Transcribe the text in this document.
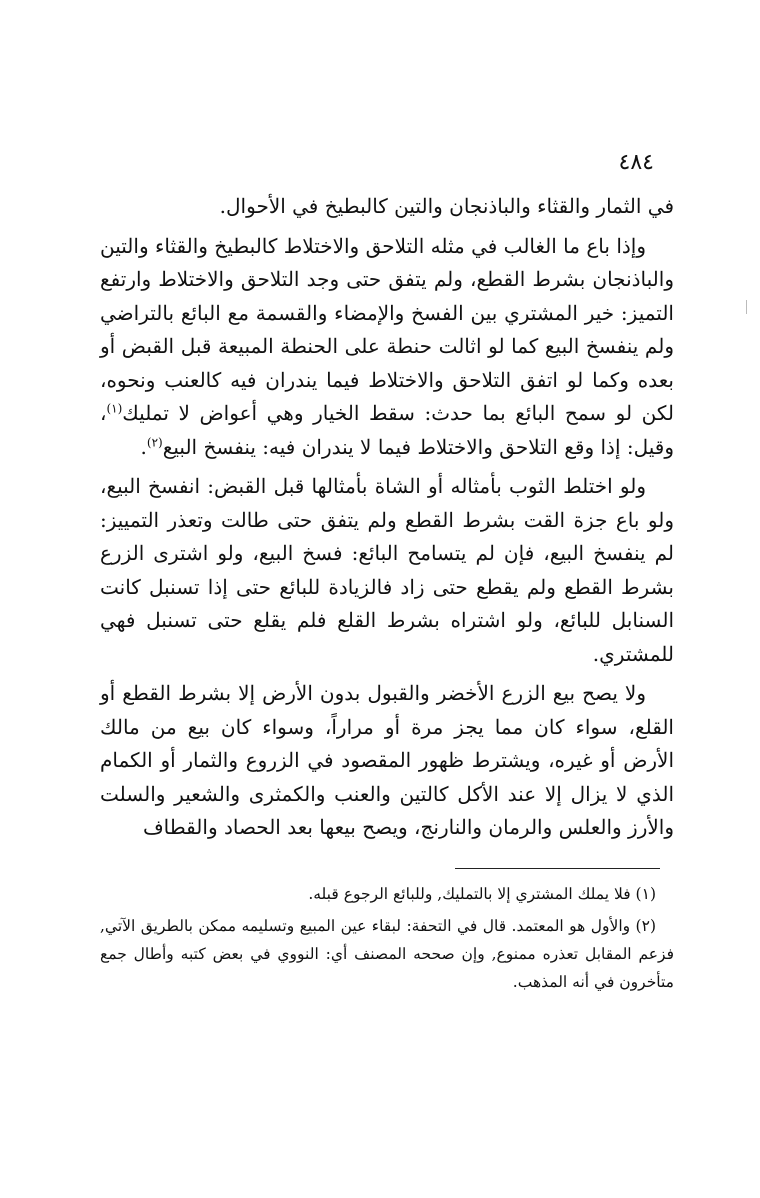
٤٨٤

في الثمار والقثاء والباذنجان والتين كالبطيخ في الأحوال.

وإذا باع ما الغالب في مثله التلاحق والاختلاط كالبطيخ والقثاء والتين والباذنجان بشرط القطع، ولم يتفق حتى وجد التلاحق والاختلاط وارتفع التميز: خير المشتري بين الفسخ والإمضاء والقسمة مع البائع بالتراضي ولم ينفسخ البيع كما لو اثالت حنطة على الحنطة المبيعة قبل القبض أو بعده وكما لو اتفق التلاحق والاختلاط فيما يندران فيه كالعنب ونحوه، لكن لو سمح البائع بما حدث: سقط الخيار وهي أعواض لا تمليك$^{(١)}$، وقيل: إذا وقع التلاحق والاختلاط فيما لا يندران فيه: ينفسخ البيع$^{(٢)}$.

ولو اختلط الثوب بأمثاله أو الشاة بأمثالها قبل القبض: انفسخ البيع، ولو باع جزة القت بشرط القطع ولم يتفق حتى طالت وتعذر التمييز: لم ينفسخ البيع، فإن لم يتسامح البائع: فسخ البيع، ولو اشترى الزرع بشرط القطع ولم يقطع حتى زاد فالزيادة للبائع حتى إذا تسنبل كانت السنابل للبائع، ولو اشتراه بشرط القلع فلم يقلع حتى تسنبل فهي للمشتري.

ولا يصح بيع الزرع الأخضر والقبول بدون الأرض إلا بشرط القطع أو القلع، سواء كان مما يجز مرة أو مراراً، وسواء كان بيع من مالك الأرض أو غيره، ويشترط ظهور المقصود في الزروع والثمار أو الكمام الذي لا يزال إلا عند الأكل كالتين والعنب والكمثرى والشعير والسلت والأرز والعلس والرمان والنارنج، ويصح بيعها بعد الحصاد والقطاف

(١) فلا يملك المشتري إلا بالتمليك, وللبائع الرجوع قبله.

(٢) والأول هو المعتمد. قال في التحفة: لبقاء عين المبيع وتسليمه ممكن بالطريق الآتي, فزعم المقابل تعذره ممنوع, وإن صححه المصنف أي: النووي في بعض كتبه وأطال جمع متأخرون في أنه المذهب.
